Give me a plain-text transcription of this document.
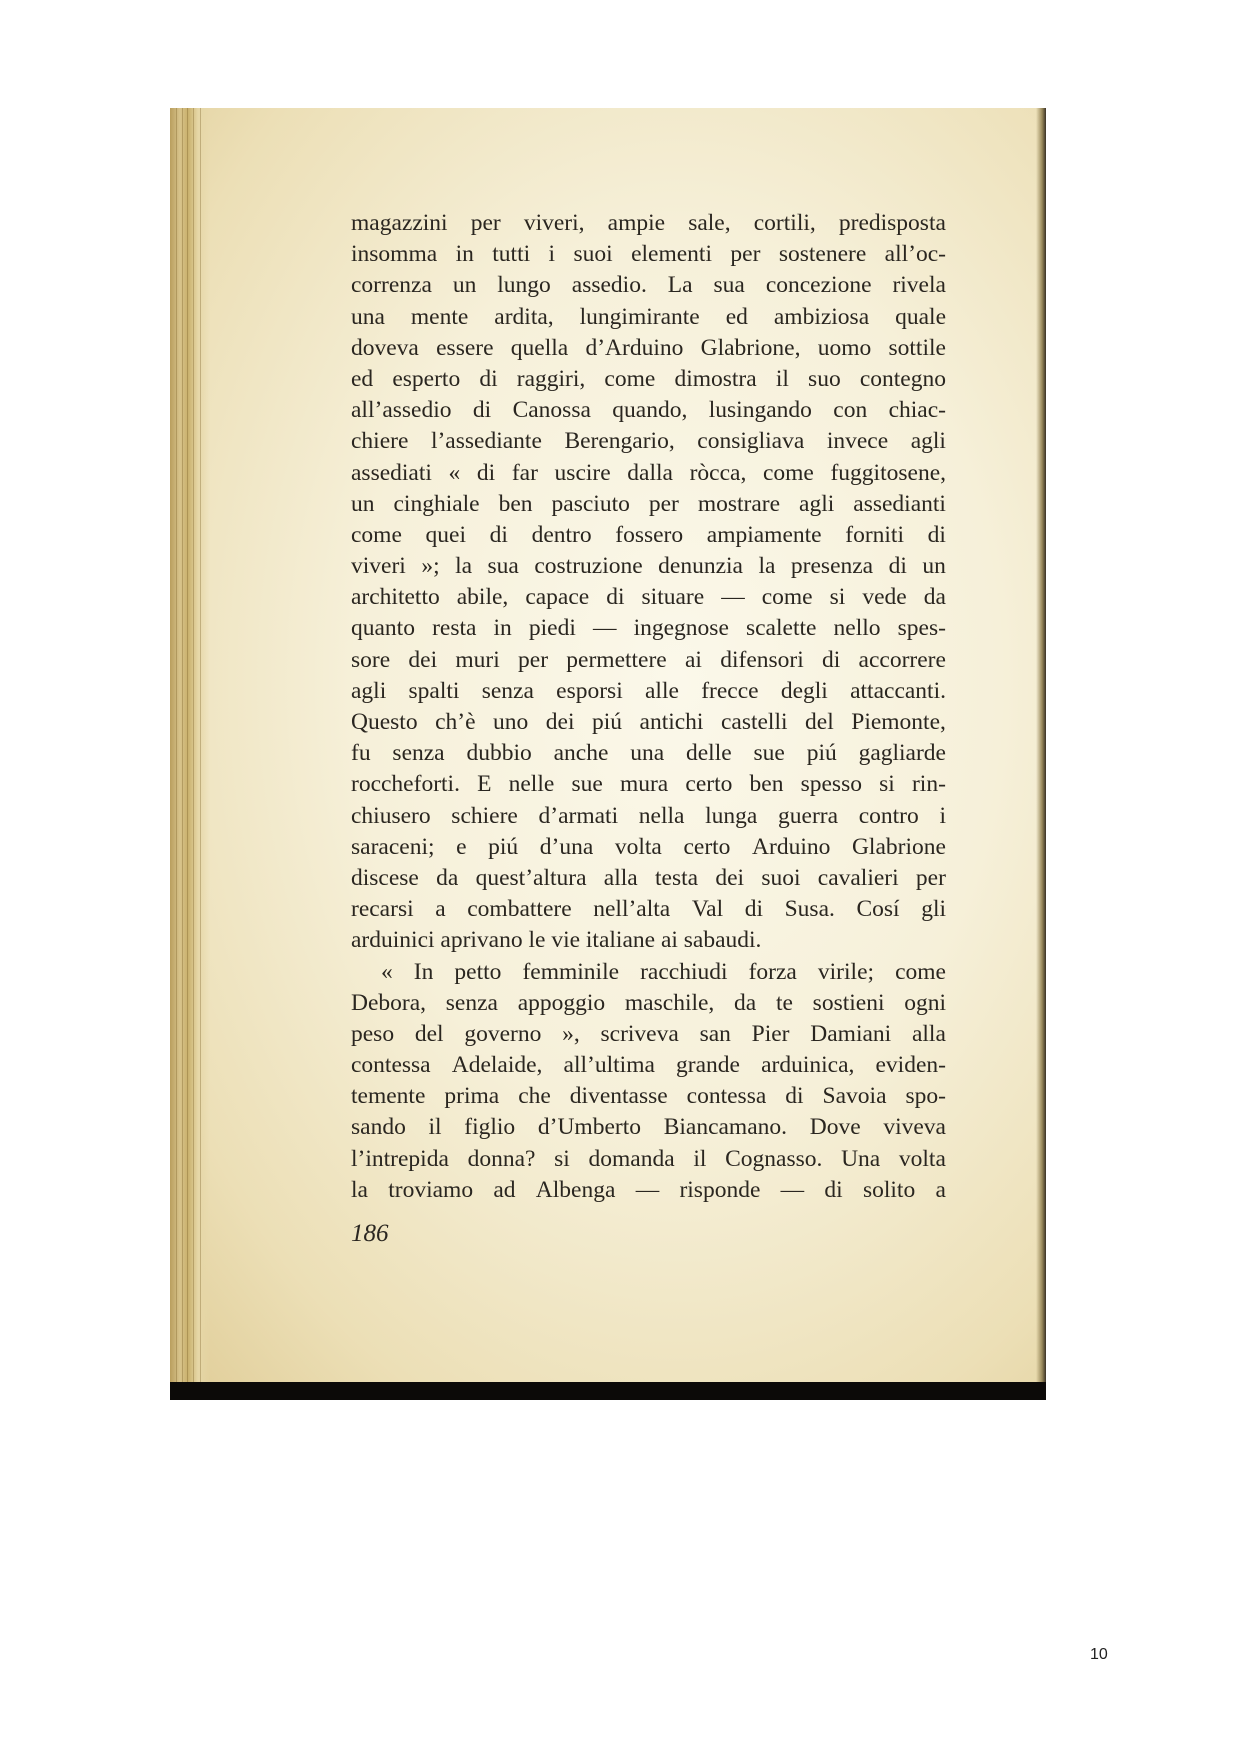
magazzini per viveri, ampie sale, cortili, predisposta
insomma in tutti i suoi elementi per sostenere all’oc-
correnza un lungo assedio. La sua concezione rivela
una mente ardita, lungimirante ed ambiziosa quale
doveva essere quella d’Arduino Glabrione, uomo sottile
ed esperto di raggiri, come dimostra il suo contegno
all’assedio di Canossa quando, lusingando con chiac-
chiere l’assediante Berengario, consigliava invece agli
assediati « di far uscire dalla ròcca, come fuggitosene,
un cinghiale ben pasciuto per mostrare agli assedianti
come quei di dentro fossero ampiamente forniti di
viveri »; la sua costruzione denunzia la presenza di un
architetto abile, capace di situare — come si vede da
quanto resta in piedi — ingegnose scalette nello spes-
sore dei muri per permettere ai difensori di accorrere
agli spalti senza esporsi alle frecce degli attaccanti.
Questo ch’è uno dei piú antichi castelli del Piemonte,
fu senza dubbio anche una delle sue piú gagliarde
roccheforti. E nelle sue mura certo ben spesso si rin-
chiusero schiere d’armati nella lunga guerra contro i
saraceni; e piú d’una volta certo Arduino Glabrione
discese da quest’altura alla testa dei suoi cavalieri per
recarsi a combattere nell’alta Val di Susa. Cosí gli
arduinici aprivano le vie italiane ai sabaudi.
« In petto femminile racchiudi forza virile; come
Debora, senza appoggio maschile, da te sostieni ogni
peso del governo », scriveva san Pier Damiani alla
contessa Adelaide, all’ultima grande arduinica, eviden-
temente prima che diventasse contessa di Savoia spo-
sando il figlio d’Umberto Biancamano. Dove viveva
l’intrepida donna? si domanda il Cognasso. Una volta
la troviamo ad Albenga — risponde — di solito a
186
10
